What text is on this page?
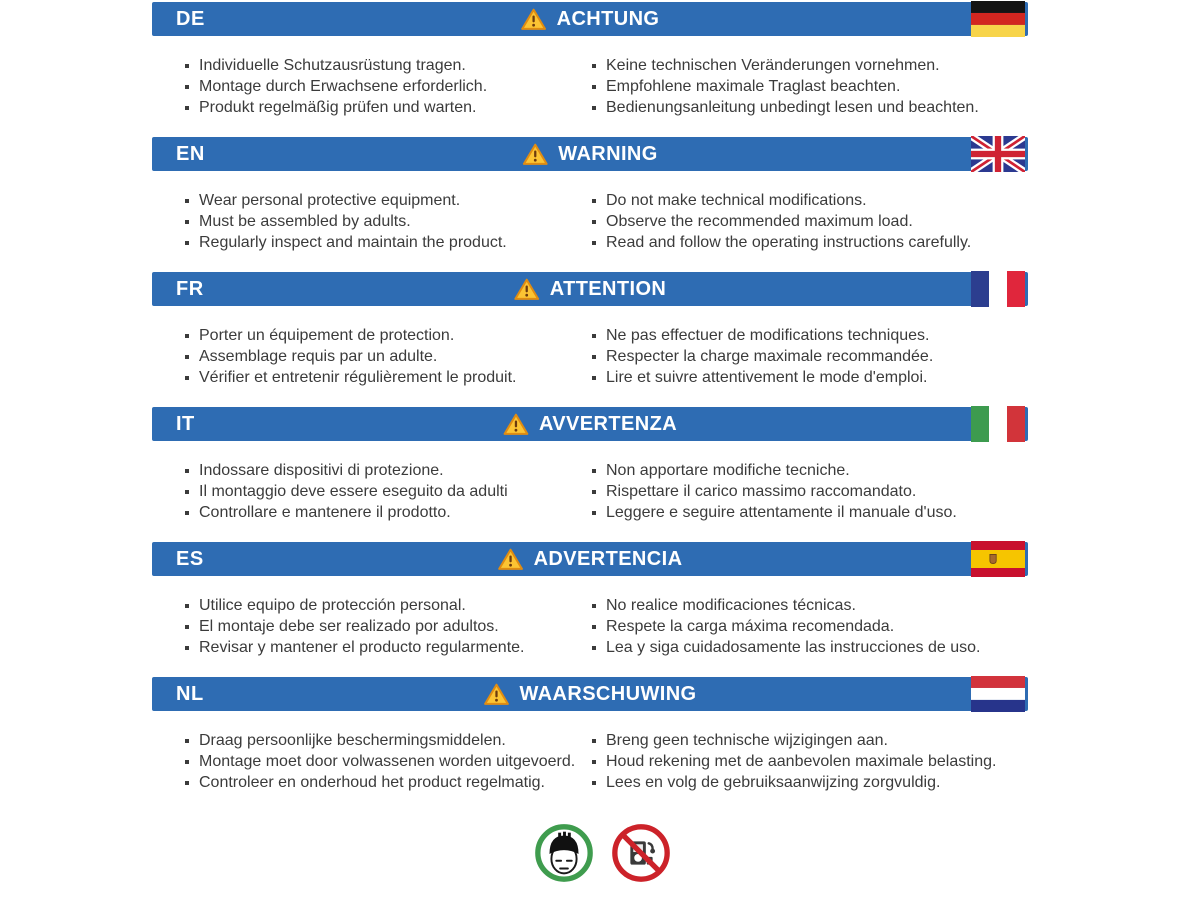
DE	ACHTUNG
Individuelle Schutzausrüstung tragen.
Montage durch Erwachsene erforderlich.
Produkt regelmäßig prüfen und warten.
Keine technischen Veränderungen vornehmen.
Empfohlene maximale Traglast beachten.
Bedienungsanleitung unbedingt lesen und beachten.
EN	WARNING
Wear personal protective equipment.
Must be assembled by adults.
Regularly inspect and maintain the product.
Do not make technical modifications.
Observe the recommended maximum load.
Read and follow the operating instructions carefully.
FR	ATTENTION
Porter un équipement de protection.
Assemblage requis par un adulte.
Vérifier et entretenir régulièrement le produit.
Ne pas effectuer de modifications techniques.
Respecter la charge maximale recommandée.
Lire et suivre attentivement le mode d'emploi.
IT	AVVERTENZA
Indossare dispositivi di protezione.
Il montaggio deve essere eseguito da adulti
Controllare e mantenere il prodotto.
Non apportare modifiche tecniche.
Rispettare il carico massimo raccomandato.
Leggere e seguire attentamente il manuale d'uso.
ES	ADVERTENCIA
Utilice equipo de protección personal.
El montaje debe ser realizado por adultos.
Revisar y mantener el producto regularmente.
No realice modificaciones técnicas.
Respete la carga máxima recomendada.
Lea y siga cuidadosamente las instrucciones de uso.
NL	WAARSCHUWING
Draag persoonlijke beschermingsmiddelen.
Montage moet door volwassenen worden uitgevoerd.
Controleer en onderhoud het product regelmatig.
Breng geen technische wijzigingen aan.
Houd rekening met de aanbevolen maximale belasting.
Lees en volg de gebruiksaanwijzing zorgvuldig.
